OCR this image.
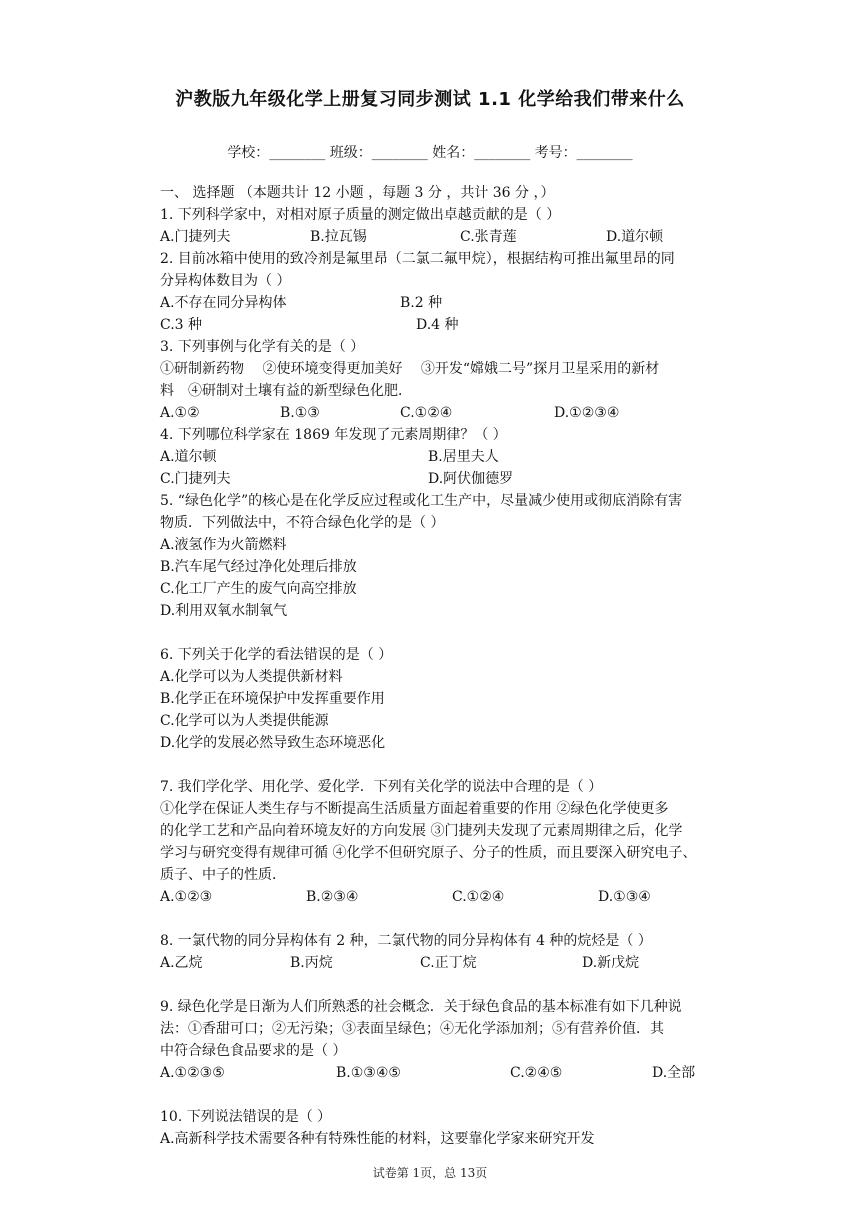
沪教版九年级化学上册复习同步测试 1.1 化学给我们带来什么
学校：________ 班级：________ 姓名：________ 考号：________
一、 选择题 （本题共计 12 小题 ，每题 3 分 ，共计 36 分 ，）
1. 下列科学家中，对相对原子质量的测定做出卓越贡献的是（ ）
A.门捷列夫	B.拉瓦锡	C.张青莲	D.道尔顿
2. 目前冰箱中使用的致冷剂是氟里昂（二氯二氟甲烷），根据结构可推出氟里昂的同
分异构体数目为（ ）
A.不存在同分异构体	B.2 种
C.3 种	D.4 种
3. 下列事例与化学有关的是（ ）
①研制新药物　 ②使环境变得更加美好　 ③开发“嫦娥二号”探月卫星采用的新材
料　④研制对土壤有益的新型绿色化肥．
A.①②	B.①③	C.①②④	D.①②③④
4. 下列哪位科学家在 1869 年发现了元素周期律？（ ）
A.道尔顿	B.居里夫人
C.门捷列夫	D.阿伏伽德罗
5. “绿色化学”的核心是在化学反应过程或化工生产中，尽量减少使用或彻底消除有害
物质．下列做法中，不符合绿色化学的是（ ）
A.液氢作为火箭燃料
B.汽车尾气经过净化处理后排放
C.化工厂产生的废气向高空排放
D.利用双氧水制氧气
6. 下列关于化学的看法错误的是（ ）
A.化学可以为人类提供新材料
B.化学正在环境保护中发挥重要作用
C.化学可以为人类提供能源
D.化学的发展必然导致生态环境恶化
7. 我们学化学、用化学、爱化学．下列有关化学的说法中合理的是（ ）
①化学在保证人类生存与不断提高生活质量方面起着重要的作用 ②绿色化学使更多
的化学工艺和产品向着环境友好的方向发展 ③门捷列夫发现了元素周期律之后，化学
学习与研究变得有规律可循 ④化学不但研究原子、分子的性质，而且要深入研究电子、
质子、中子的性质．
A.①②③	B.②③④	C.①②④	D.①③④
8. 一氯代物的同分异构体有 2 种，二氯代物的同分异构体有 4 种的烷烃是（ ）
A.乙烷	B.丙烷	C.正丁烷	D.新戊烷
9. 绿色化学是日渐为人们所熟悉的社会概念．关于绿色食品的基本标准有如下几种说
法：①香甜可口；②无污染；③表面呈绿色；④无化学添加剂；⑤有营养价值．其
中符合绿色食品要求的是（ ）
A.①②③⑤	B.①③④⑤	C.②④⑤	D.全部
10. 下列说法错误的是（ ）
A.高新科学技术需要各种有特殊性能的材料，这要靠化学家来研究开发
试卷第 1页，总 13页
